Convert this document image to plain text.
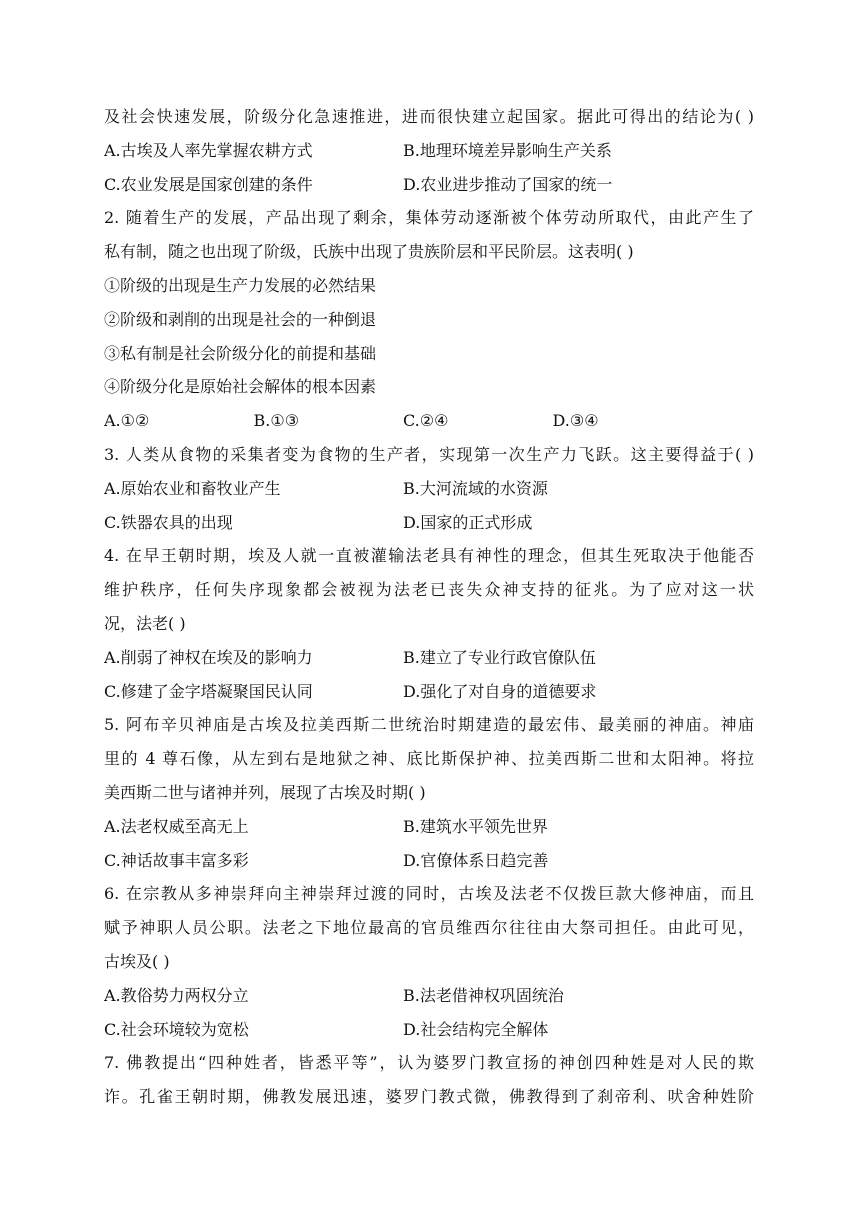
及社会快速发展，阶级分化急速推进，进而很快建立起国家。据此可得出的结论为( )
A.古埃及人率先掌握农耕方式	B.地理环境差异影响生产关系
C.农业发展是国家创建的条件	D.农业进步推动了国家的统一
2. 随着生产的发展，产品出现了剩余，集体劳动逐渐被个体劳动所取代，由此产生了
私有制，随之也出现了阶级，氏族中出现了贵族阶层和平民阶层。这表明( )
①阶级的出现是生产力发展的必然结果
②阶级和剥削的出现是社会的一种倒退
③私有制是社会阶级分化的前提和基础
④阶级分化是原始社会解体的根本因素
A.①②	B.①③	C.②④	D.③④
3. 人类从食物的采集者变为食物的生产者，实现第一次生产力飞跃。这主要得益于( )
A.原始农业和畜牧业产生	B.大河流域的水资源
C.铁器农具的出现	D.国家的正式形成
4. 在早王朝时期，埃及人就一直被灌输法老具有神性的理念，但其生死取决于他能否
维护秩序，任何失序现象都会被视为法老已丧失众神支持的征兆。为了应对这一状
况，法老( )
A.削弱了神权在埃及的影响力	B.建立了专业行政官僚队伍
C.修建了金字塔凝聚国民认同	D.强化了对自身的道德要求
5. 阿布辛贝神庙是古埃及拉美西斯二世统治时期建造的最宏伟、最美丽的神庙。神庙
里的 4 尊石像，从左到右是地狱之神、底比斯保护神、拉美西斯二世和太阳神。将拉
美西斯二世与诸神并列，展现了古埃及时期( )
A.法老权威至高无上	B.建筑水平领先世界
C.神话故事丰富多彩	D.官僚体系日趋完善
6. 在宗教从多神崇拜向主神崇拜过渡的同时，古埃及法老不仅拨巨款大修神庙，而且
赋予神职人员公职。法老之下地位最高的官员维西尔往往由大祭司担任。由此可见，
古埃及( )
A.教俗势力两权分立	B.法老借神权巩固统治
C.社会环境较为宽松	D.社会结构完全解体
7. 佛教提出“四种姓者，皆悉平等”，认为婆罗门教宣扬的神创四种姓是对人民的欺
诈。孔雀王朝时期，佛教发展迅速，婆罗门教式微，佛教得到了刹帝利、吠舍种姓阶
